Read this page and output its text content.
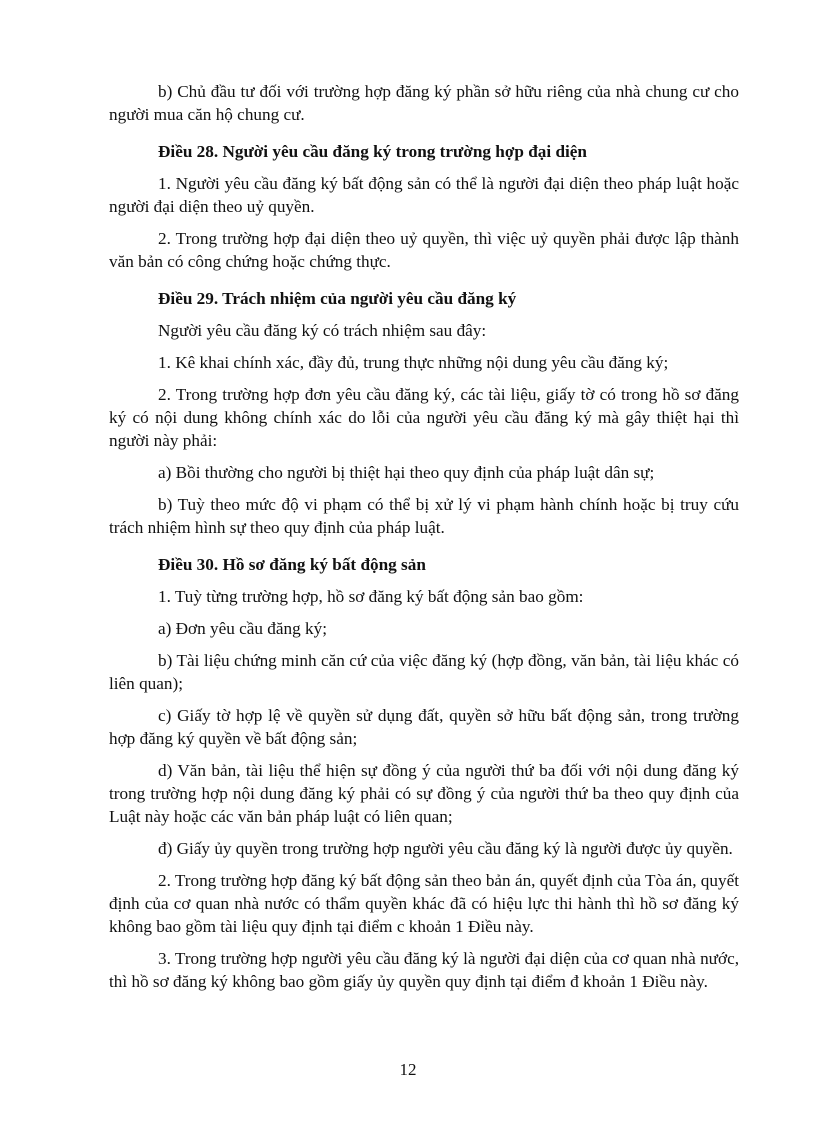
b) Chủ đầu tư đối với trường hợp đăng ký phần sở hữu riêng của nhà chung cư cho người mua căn hộ chung cư.

Điều 28. Người yêu cầu đăng ký trong trường hợp đại diện

1. Người yêu cầu đăng ký bất động sản có thể là người đại diện theo pháp luật hoặc người đại diện theo uỷ quyền.

2. Trong trường hợp đại diện theo uỷ quyền, thì việc uỷ quyền phải được lập thành văn bản có công chứng hoặc chứng thực.

Điều 29. Trách nhiệm của người yêu cầu đăng ký

Người yêu cầu đăng ký có trách nhiệm sau đây:

1. Kê khai chính xác, đầy đủ, trung thực những nội dung yêu cầu đăng ký;

2. Trong trường hợp đơn yêu cầu đăng ký, các tài liệu, giấy tờ có trong hồ sơ đăng ký có nội dung không chính xác do lỗi của người yêu cầu đăng ký mà gây thiệt hại thì người này phải:

a) Bồi thường cho người bị thiệt hại theo quy định của pháp luật dân sự;

b) Tuỳ theo mức độ vi phạm có thể bị xử lý vi phạm hành chính hoặc bị truy cứu trách nhiệm hình sự theo quy định của pháp luật.

Điều 30. Hồ sơ đăng ký bất động sản

1. Tuỳ từng trường hợp, hồ sơ đăng ký bất động sản bao gồm:

a) Đơn yêu cầu đăng ký;

b) Tài liệu chứng minh căn cứ của việc đăng ký (hợp đồng, văn bản, tài liệu khác có liên quan);

c) Giấy tờ hợp lệ về quyền sử dụng đất, quyền sở hữu bất động sản, trong trường hợp đăng ký quyền về bất động sản;

d) Văn bản, tài liệu thể hiện sự đồng ý của người thứ ba đối với nội dung đăng ký trong trường hợp nội dung đăng ký phải có sự đồng ý của người thứ ba theo quy định của Luật này hoặc các văn bản pháp luật có liên quan;

đ) Giấy ủy quyền trong trường hợp người yêu cầu đăng ký là người được ủy quyền.

2. Trong trường hợp đăng ký bất động sản theo bản án, quyết định của Tòa án, quyết định của cơ quan nhà nước có thẩm quyền khác đã có hiệu lực thi hành thì hồ sơ đăng ký không bao gồm tài liệu quy định tại điểm c khoản 1 Điều này.

3. Trong trường hợp người yêu cầu đăng ký là người đại diện của cơ quan nhà nước, thì hồ sơ đăng ký không bao gồm giấy ủy quyền quy định tại điểm đ khoản 1 Điều này.

12
